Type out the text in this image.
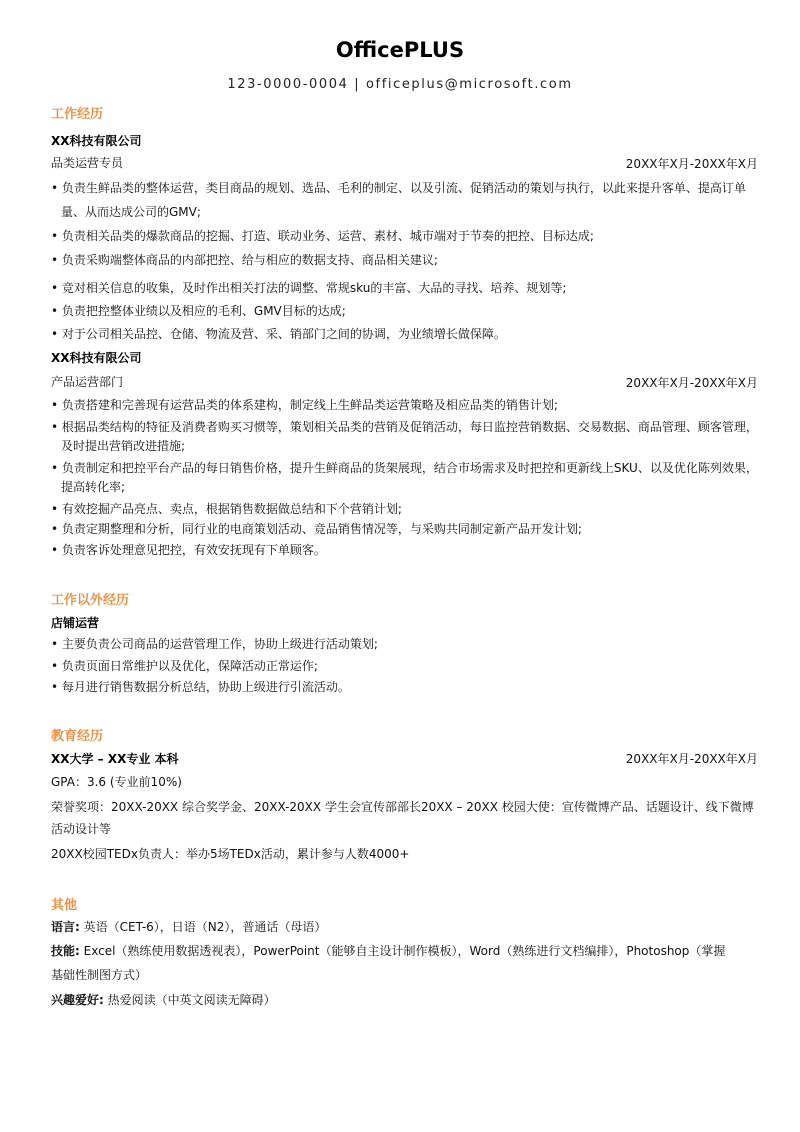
OfficePLUS
123-0000-0004 | officeplus@microsoft.com
工作经历
XX科技有限公司
品类运营专员	20XX年X月-20XX年X月
• 负责生鲜品类的整体运营，类目商品的规划、选品、毛利的制定、以及引流、促销活动的策划与执行，以此来提升客单、提高订单
量、从而达成公司的GMV;
• 负责相关品类的爆款商品的挖掘、打造、联动业务、运营、素材、城市端对于节奏的把控、目标达成;
• 负责采购端整体商品的内部把控、给与相应的数据支持、商品相关建议;
• 竞对相关信息的收集，及时作出相关打法的调整、常规sku的丰富、大品的寻找、培养、规划等;
• 负责把控整体业绩以及相应的毛利、GMV目标的达成;
• 对于公司相关品控、仓储、物流及营、采、销部门之间的协调，为业绩增长做保障。
XX科技有限公司
产品运营部门	20XX年X月-20XX年X月
• 负责搭建和完善现有运营品类的体系建构，制定线上生鲜品类运营策略及相应品类的销售计划;
• 根据品类结构的特征及消费者购买习惯等，策划相关品类的营销及促销活动，每日监控营销数据、交易数据、商品管理、顾客管理，
及时提出营销改进措施;
• 负责制定和把控平台产品的每日销售价格，提升生鲜商品的货架展现，结合市场需求及时把控和更新线上SKU、以及优化陈列效果，
提高转化率;
• 有效挖掘产品亮点、卖点，根据销售数据做总结和下个营销计划;
• 负责定期整理和分析，同行业的电商策划活动、竞品销售情况等，与采购共同制定新产品开发计划;
• 负责客诉处理意见把控，有效安抚现有下单顾客。
工作以外经历
店铺运营
• 主要负责公司商品的运营管理工作，协助上级进行活动策划;
• 负责页面日常维护以及优化，保障活动正常运作;
• 每月进行销售数据分析总结，协助上级进行引流活动。
教育经历
XX大学 – XX专业 本科	20XX年X月-20XX年X月
GPA：3.6 (专业前10%)
荣誉奖项：20XX-20XX 综合奖学金、20XX-20XX 学生会宣传部部长20XX – 20XX 校园大使：宣传微博产品、话题设计、线下微博
活动设计等
20XX校园TEDx负责人：举办5场TEDx活动，累计参与人数4000+
其他
语言: 英语（CET-6），日语（N2），普通话（母语）
技能: Excel（熟练使用数据透视表），PowerPoint（能够自主设计制作模板），Word（熟练进行文档编排），Photoshop（掌握
基础性制图方式）
兴趣爱好: 热爱阅读（中英文阅读无障碍）
